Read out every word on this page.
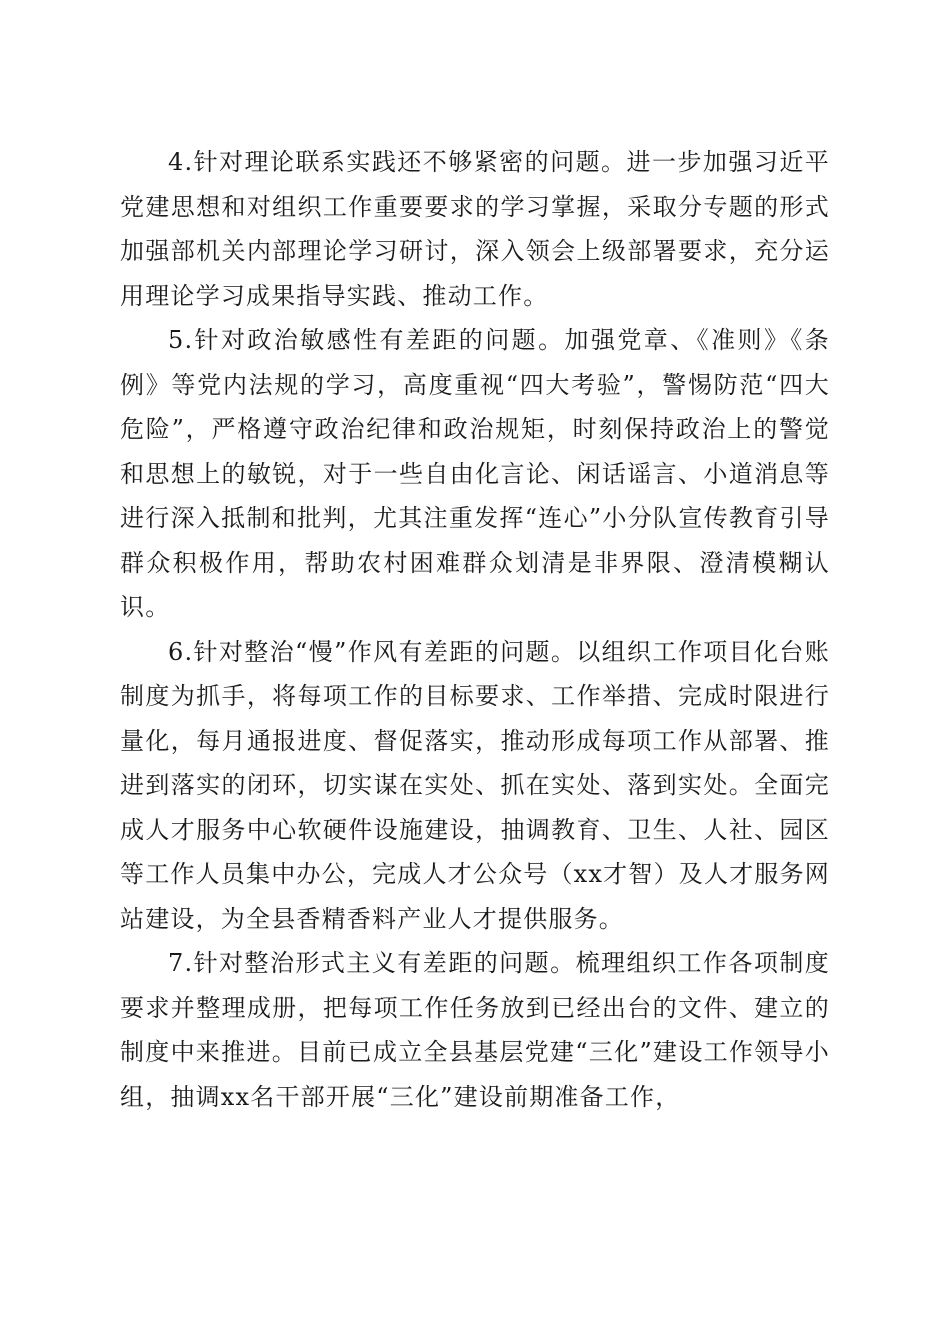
4.针对理论联系实践还不够紧密的问题。进一步加强习近平党建思想和对组织工作重要要求的学习掌握，采取分专题的形式加强部机关内部理论学习研讨，深入领会上级部署要求，充分运用理论学习成果指导实践、推动工作。

5.针对政治敏感性有差距的问题。加强党章、《准则》《条例》等党内法规的学习，高度重视“四大考验”，警惕防范“四大危险”，严格遵守政治纪律和政治规矩，时刻保持政治上的警觉和思想上的敏锐，对于一些自由化言论、闲话谣言、小道消息等进行深入抵制和批判，尤其注重发挥“连心”小分队宣传教育引导群众积极作用，帮助农村困难群众划清是非界限、澄清模糊认识。

6.针对整治“慢”作风有差距的问题。以组织工作项目化台账制度为抓手，将每项工作的目标要求、工作举措、完成时限进行量化，每月通报进度、督促落实，推动形成每项工作从部署、推进到落实的闭环，切实谋在实处、抓在实处、落到实处。全面完成人才服务中心软硬件设施建设，抽调教育、卫生、人社、园区等工作人员集中办公，完成人才公众号（xx才智）及人才服务网站建设，为全县香精香料产业人才提供服务。

7.针对整治形式主义有差距的问题。梳理组织工作各项制度要求并整理成册，把每项工作任务放到已经出台的文件、建立的制度中来推进。目前已成立全县基层党建“三化”建设工作领导小组，抽调xx名干部开展“三化”建设前期准备工作，
